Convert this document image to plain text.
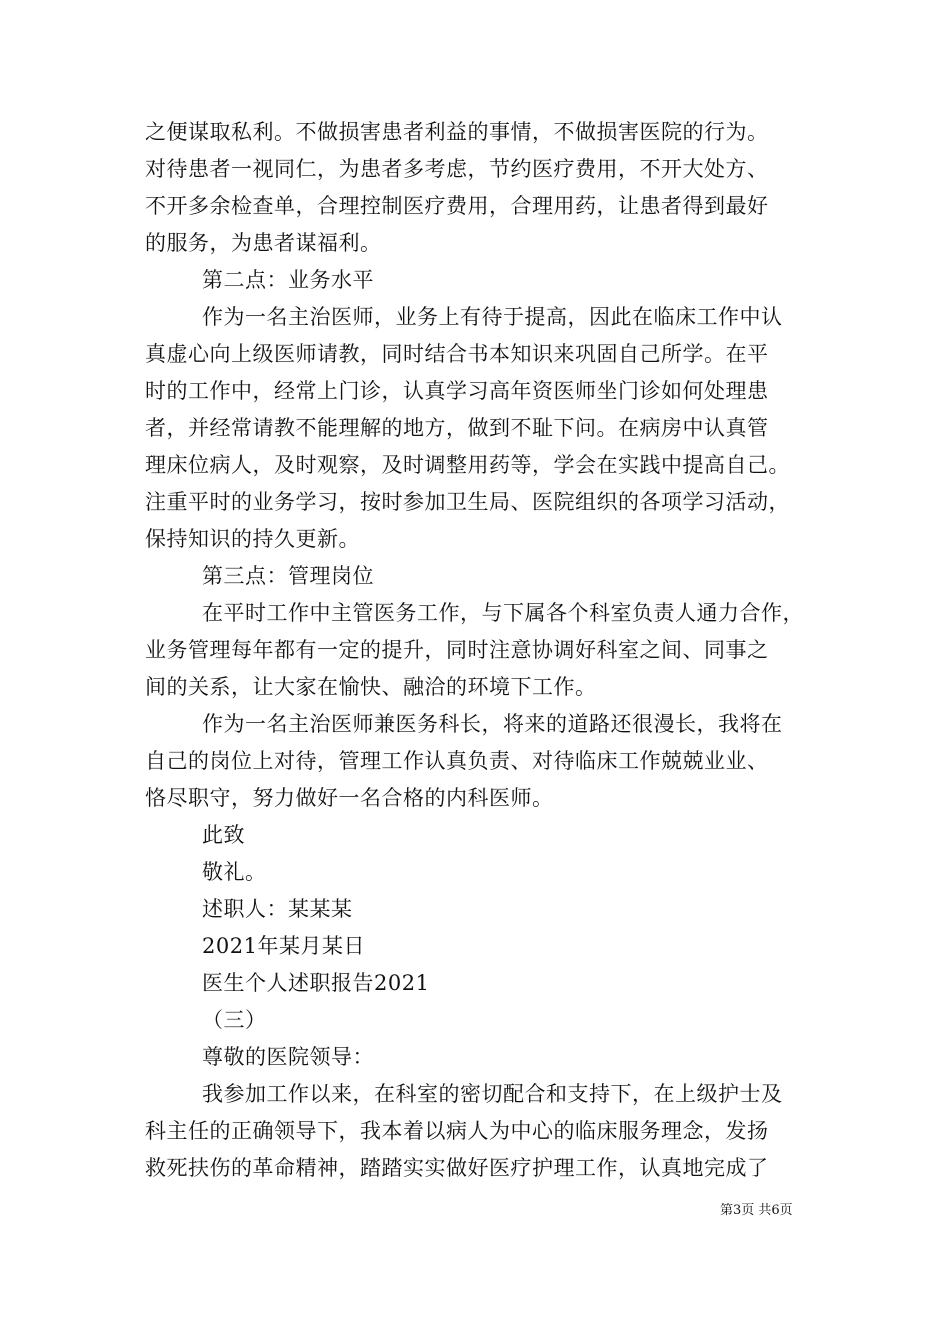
之便谋取私利。不做损害患者利益的事情，不做损害医院的行为。
对待患者一视同仁，为患者多考虑，节约医疗费用，不开大处方、
不开多余检查单，合理控制医疗费用，合理用药，让患者得到最好
的服务，为患者谋福利。
第二点：业务水平
作为一名主治医师，业务上有待于提高，因此在临床工作中认
真虚心向上级医师请教，同时结合书本知识来巩固自己所学。在平
时的工作中，经常上门诊，认真学习高年资医师坐门诊如何处理患
者，并经常请教不能理解的地方，做到不耻下问。在病房中认真管
理床位病人，及时观察，及时调整用药等，学会在实践中提高自己。
注重平时的业务学习，按时参加卫生局、医院组织的各项学习活动，
保持知识的持久更新。
第三点：管理岗位
在平时工作中主管医务工作，与下属各个科室负责人通力合作，
业务管理每年都有一定的提升，同时注意协调好科室之间、同事之
间的关系，让大家在愉快、融洽的环境下工作。
作为一名主治医师兼医务科长，将来的道路还很漫长，我将在
自己的岗位上对待，管理工作认真负责、对待临床工作兢兢业业、
恪尽职守，努力做好一名合格的内科医师。
此致
敬礼。
述职人：某某某
2021年某月某日
医生个人述职报告2021
（三）
尊敬的医院领导：
我参加工作以来，在科室的密切配合和支持下，在上级护士及
科主任的正确领导下，我本着以病人为中心的临床服务理念，发扬
救死扶伤的革命精神，踏踏实实做好医疗护理工作，认真地完成了
第3页 共6页
